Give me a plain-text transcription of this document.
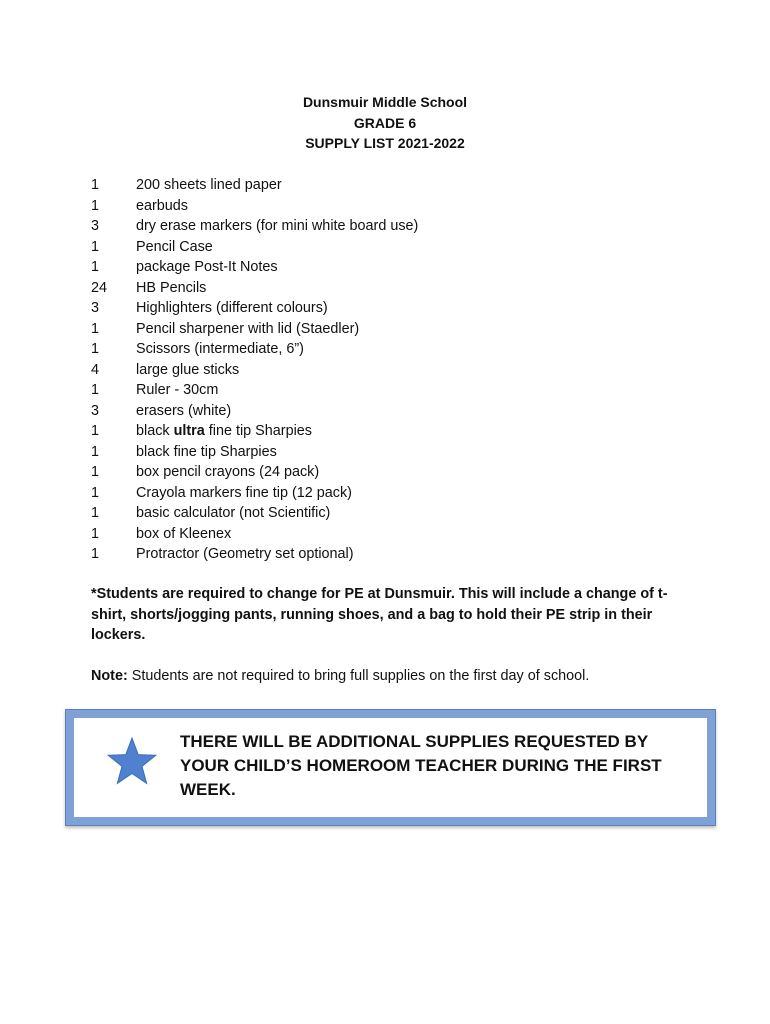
Dunsmuir Middle School
GRADE 6
SUPPLY LIST 2021-2022
1	200 sheets lined paper
1	earbuds
3	dry erase markers (for mini white board use)
1	Pencil Case
1	package Post-It Notes
24	HB Pencils
3	Highlighters (different colours)
1	Pencil sharpener with lid (Staedler)
1	Scissors (intermediate, 6”)
4	large glue sticks
1	Ruler - 30cm
3	erasers (white)
1	black ultra fine tip Sharpies
1	black fine tip Sharpies
1	box pencil crayons (24 pack)
1	Crayola markers fine tip (12 pack)
1	basic calculator (not Scientific)
1	box of Kleenex
1	Protractor (Geometry set optional)
*Students are required to change for PE at Dunsmuir. This will include a change of t-shirt, shorts/jogging pants, running shoes, and a bag to hold their PE strip in their lockers.
Note: Students are not required to bring full supplies on the first day of school.
THERE WILL BE ADDITIONAL SUPPLIES REQUESTED BY YOUR CHILD’S HOMEROOM TEACHER DURING THE FIRST WEEK.
